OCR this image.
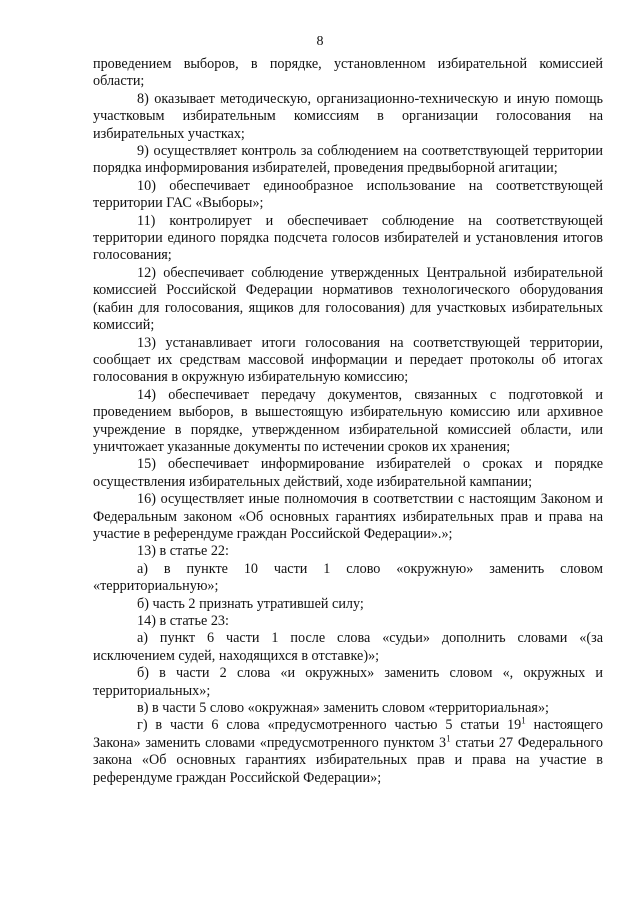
8

проведением выборов, в порядке, установленном избирательной комиссией области;

8) оказывает методическую, организационно-техническую и иную помощь участковым избирательным комиссиям в организации голосования на избирательных участках;

9) осуществляет контроль за соблюдением на соответствующей территории порядка информирования избирателей, проведения предвыборной агитации;

10) обеспечивает единообразное использование на соответствующей территории ГАС «Выборы»;

11) контролирует и обеспечивает соблюдение на соответствующей территории единого порядка подсчета голосов избирателей и установления итогов голосования;

12) обеспечивает соблюдение утвержденных Центральной избирательной комиссией Российской Федерации нормативов технологического оборудования (кабин для голосования, ящиков для голосования) для участковых избирательных комиссий;

13) устанавливает итоги голосования на соответствующей территории, сообщает их средствам массовой информации и передает протоколы об итогах голосования в окружную избирательную комиссию;

14) обеспечивает передачу документов, связанных с подготовкой и проведением выборов, в вышестоящую избирательную комиссию или архивное учреждение в порядке, утвержденном избирательной комиссией области, или уничтожает указанные документы по истечении сроков их хранения;

15) обеспечивает информирование избирателей о сроках и порядке осуществления избирательных действий, ходе избирательной кампании;

16) осуществляет иные полномочия в соответствии с настоящим Законом и Федеральным законом «Об основных гарантиях избирательных прав и права на участие в референдуме граждан Российской Федерации».»;

13) в статье 22:

а) в пункте 10 части 1 слово «окружную» заменить словом «территориальную»;

б) часть 2 признать утратившей силу;

14) в статье 23:

а) пункт 6 части 1 после слова «судьи» дополнить словами «(за исключением судей, находящихся в отставке)»;

б) в части 2 слова «и окружных» заменить словом «, окружных и территориальных»;

в) в части 5 слово «окружная» заменить словом «территориальная»;

г) в части 6 слова «предусмотренного частью 5 статьи $19^1$ настоящего Закона» заменить словами «предусмотренного пунктом $3^1$ статьи 27 Федерального закона «Об основных гарантиях избирательных прав и права на участие в референдуме граждан Российской Федерации»;
